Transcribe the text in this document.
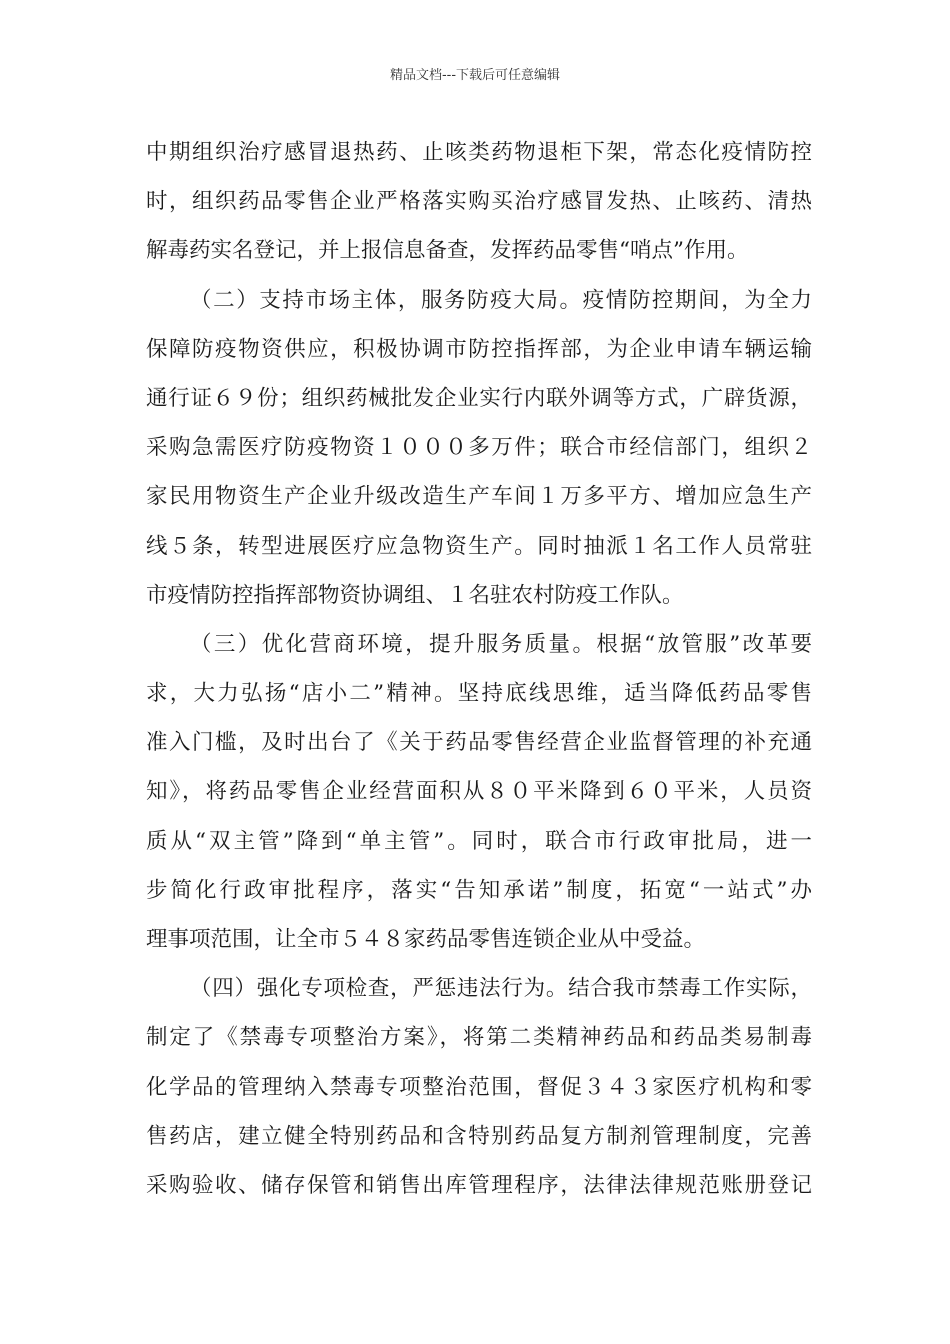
精品文档---下载后可任意编辑
中期组织治疗感冒退热药、止咳类药物退柜下架，常态化疫情防控
时，组织药品零售企业严格落实购买治疗感冒发热、止咳药、清热
解毒药实名登记，并上报信息备查，发挥药品零售“哨点”作用。
（二）支持市场主体，服务防疫大局。疫情防控期间，为全力
保障防疫物资供应，积极协调市防控指挥部，为企业申请车辆运输
通行证６９份；组织药械批发企业实行内联外调等方式，广辟货源，
采购急需医疗防疫物资１０００多万件；联合市经信部门，组织２
家民用物资生产企业升级改造生产车间１万多平方、增加应急生产
线５条，转型进展医疗应急物资生产。同时抽派１名工作人员常驻
市疫情防控指挥部物资协调组、１名驻农村防疫工作队。
（三）优化营商环境，提升服务质量。根据“放管服”改革要
求，大力弘扬“店小二”精神。坚持底线思维，适当降低药品零售
准入门槛，及时出台了《关于药品零售经营企业监督管理的补充通
知》，将药品零售企业经营面积从８０平米降到６０平米，人员资
质从“双主管”降到“单主管”。同时，联合市行政审批局，进一
步简化行政审批程序，落实“告知承诺”制度，拓宽“一站式”办
理事项范围，让全市５４８家药品零售连锁企业从中受益。
（四）强化专项检查，严惩违法行为。结合我市禁毒工作实际，
制定了《禁毒专项整治方案》，将第二类精神药品和药品类易制毒
化学品的管理纳入禁毒专项整治范围，督促３４３家医疗机构和零
售药店，建立健全特别药品和含特别药品复方制剂管理制度，完善
采购验收、储存保管和销售出库管理程序，法律法律规范账册登记
